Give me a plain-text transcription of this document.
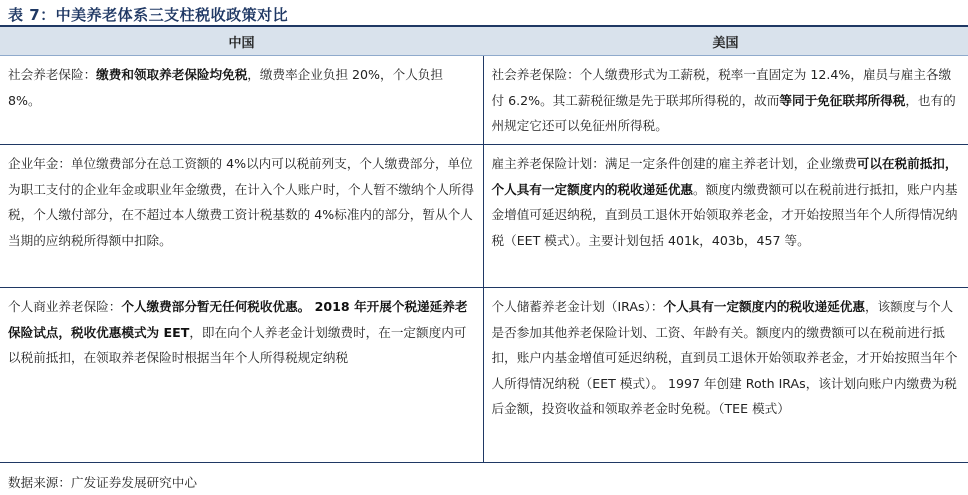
表 7：中美养老体系三支柱税收政策对比
中国	美国
社会养老保险：缴费和领取养老保险均免税，缴费率企业负担 20%，个人负担 8%。	社会养老保险：个人缴费形式为工薪税，税率一直固定为 12.4%，雇员与雇主各缴付 6.2%。其工薪税征缴是先于联邦所得税的，故而等同于免征联邦所得税，也有的州规定它还可以免征州所得税。
企业年金：单位缴费部分在总工资额的 4%以内可以税前列支，个人缴费部分，单位为职工支付的企业年金或职业年金缴费，在计入个人账户时，个人暂不缴纳个人所得税，个人缴付部分，在不超过本人缴费工资计税基数的 4%标准内的部分，暂从个人当期的应纳税所得额中扣除。	雇主养老保险计划：满足一定条件创建的雇主养老计划，企业缴费可以在税前抵扣，个人具有一定额度内的税收递延优惠。额度内缴费额可以在税前进行抵扣，账户内基金增值可延迟纳税，直到员工退休开始领取养老金，才开始按照当年个人所得情况纳税（EET 模式）。主要计划包括 401k，403b，457 等。
个人商业养老保险：个人缴费部分暂无任何税收优惠。 2018 年开展个税递延养老保险试点，税收优惠模式为 EET，即在向个人养老金计划缴费时，在一定额度内可以税前抵扣，在领取养老保险时根据当年个人所得税规定纳税	个人储蓄养老金计划（IRAs）：个人具有一定额度内的税收递延优惠，该额度与个人是否参加其他养老保险计划、工资、年龄有关。额度内的缴费额可以在税前进行抵扣，账户内基金增值可延迟纳税，直到员工退休开始领取养老金，才开始按照当年个人所得情况纳税（EET 模式）。 1997 年创建 Roth IRAs，该计划向账户内缴费为税后金额，投资收益和领取养老金时免税。（TEE 模式）
数据来源：广发证券发展研究中心
